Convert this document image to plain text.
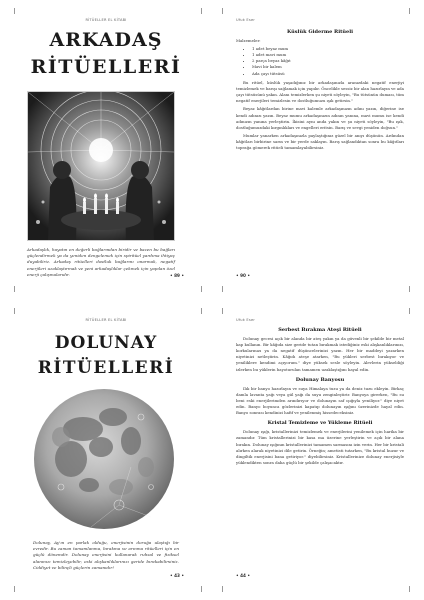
RİTÜELLER EL KİTABI
ARKADAŞ
RİTÜELLERİ
Arkadaşlık, hayatın en değerli bağlarından biridir ve bazen bu bağları güçlendirmek ya da yeniden dengelemek için spiritüel yardıma ihtiyaç duyabiliriz. Arkadaş ritüelleri dostluk bağlarını onarmak, negatif enerjileri uzaklaştırmak ve yeni arkadaşlıklar çekmek için yapılan özel enerji çalışmalarıdır.	• 89 •
Ufuk Eser
Küslük Giderme Ritüeli

Malzemeler:

• 1 adet beyaz mum
• 1 adet mavi mum
• 2 parça beyaz kâğıt
• Mavi bir kalem
• Ada çayı tütsüsü

Bu ritüel, küslük yaşadığınız bir arkadaşınızla aranızdaki negatif enerjiyi temizlemek ve barışı sağlamak için yapılır. Öncelikle sessiz bir alan hazırlayın ve ada çayı tütsüsünü yakın. Alanı temizlerken şu niyeti söyleyin, "Bu tütsünün duması, tüm negatif enerjileri temizlesin ve dostluğumuzu ışık getirsin."

Beyaz kâğıtlardan birine mavi kalemle arkadaşınızın adını yazın, diğerine ise kendi adınızı yazın. Beyaz mumu arkadaşınızın adının yanına, mavi mumu ise kendi adınızın yanına yerleştirin. İkisini aynı anda yakın ve şu niyeti söyleyin, "Bu ışık, dostluğumuzdaki kırgınlıkları ve engelleri eritsin. Barış ve sevgi yeniden doğsun."

Mumlar yanarken arkadaşınızla paylaştığınız güzel bir anıyı düşünün. Ardından kâğıtları birbirine sarın ve bir yerde saklayın. Barış sağlandıktan sonra bu kâğıtları toprağa gömerek ritüeli tamamlayabilirsiniz.

• 90 •
RİTÜELLER EL KİTABI
DOLUNAY
RİTÜELLERİ
Dolunay, Ay'ın en parlak olduğu, enerjisinin doruğa ulaştığı bir evredir. Bu zaman tamamlanma, bırakma ve arınma ritüelleri için en güçlü dönemdir. Dolunay enerjisini kullanarak ruhsal ve fiziksel alanınızı temizleyebilir, eski alışkanlıklarınızı geride bırakabilirsiniz. Ciddiyet ve bilinçli güçlerin zamanıdır!
• 43 •
Ufuk Eser
Serbest Bırakma Ateşi Ritüeli

Dolunay gecesi açık bir alanda bir ateş yakın ya da güvenli bir şekilde bir metal kap kullanın. Bir kâğıda size geride tutan bırakmak istediğiniz eski alışkanlıklarınızı, korkularınızı ya da negatif düşüncelerinizi yazın. Her bir maddeyi yazarken niyetinizi netleştirin. Kâğıdı ateşe atarken, "Bu yükleri serbest bırakıyor ve yeniliklere kendimi açıyorum." diye yüksek sesle söyleyin. Alevlerin yükseldiği izlerken bu yüklerin bayoturulan tamamen uzaklaştığını hayal edin.

Dolunay Banyosu

Ilık bir banyo hazırlayın ve suya Himalaya tuzu ya da deniz tuzu ekleyin. Birkaç damla lavanta yağı veya gül yağı da suyu zenginleştirir. Banyoya girerken, "Bu su beni eski enerjilerimden arındırıyor ve dolunayın saf ışığıyla yeniliyor." diye niyet edin. Banyo boyunca gözlerinizi kapatıp dolunayın ışığını üzerinizde hayal edin. Banyo sonrası kendinizi hafif ve yenilenmiş hissedeceksiniz.

Kristal Temizleme ve Yükleme Ritüeli

Dolunay ışığı, kristallerinizi temizlemek ve enerjilerini yenilemek için harika bir zamandır. Tüm kristallerinizi bir kasa ma üzerine yerleştirin ve açık bir alana bırakın. Dolunay ışığının kristallerinizi tamamen sarmasını izin verin. Her bir kristali alırken alarak niyetinizi dile getirin. Örneğin; ametisti tutarken, "Bu kristal huzur ve dingiltik enerjisini bana getiriyor." diyebilirsiniz. Kristallerinize dolunay enerjisiyle yüklendikten sonra daha güçlü bir şekilde çalışacaktır.

• 44 •
